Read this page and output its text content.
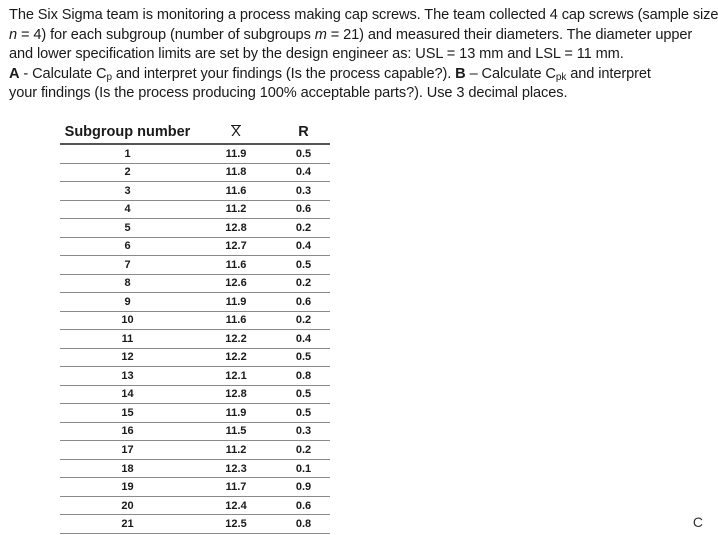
The Six Sigma team is monitoring a process making cap screws. The team collected 4 cap screws (sample size
n = 4) for each subgroup (number of subgroups m = 21) and measured their diameters. The diameter upper
and lower specification limits are set by the design engineer as: USL = 13 mm and LSL = 11 mm.
A - Calculate $C_p$ and interpret your findings (Is the process capable?). B – Calculate $C_{pk}$ and interpret
your findings (Is the process producing 100% acceptable parts?). Use 3 decimal places.
Subgroup number	X	R
1	11.9	0.5
2	11.8	0.4
3	11.6	0.3
4	11.2	0.6
5	12.8	0.2
6	12.7	0.4
7	11.6	0.5
8	12.6	0.2
9	11.9	0.6
10	11.6	0.2
11	12.2	0.4
12	12.2	0.5
13	12.1	0.8
14	12.8	0.5
15	11.9	0.5
16	11.5	0.3
17	11.2	0.2
18	12.3	0.1
19	11.7	0.9
20	12.4	0.6
21	12.5	0.8	C
